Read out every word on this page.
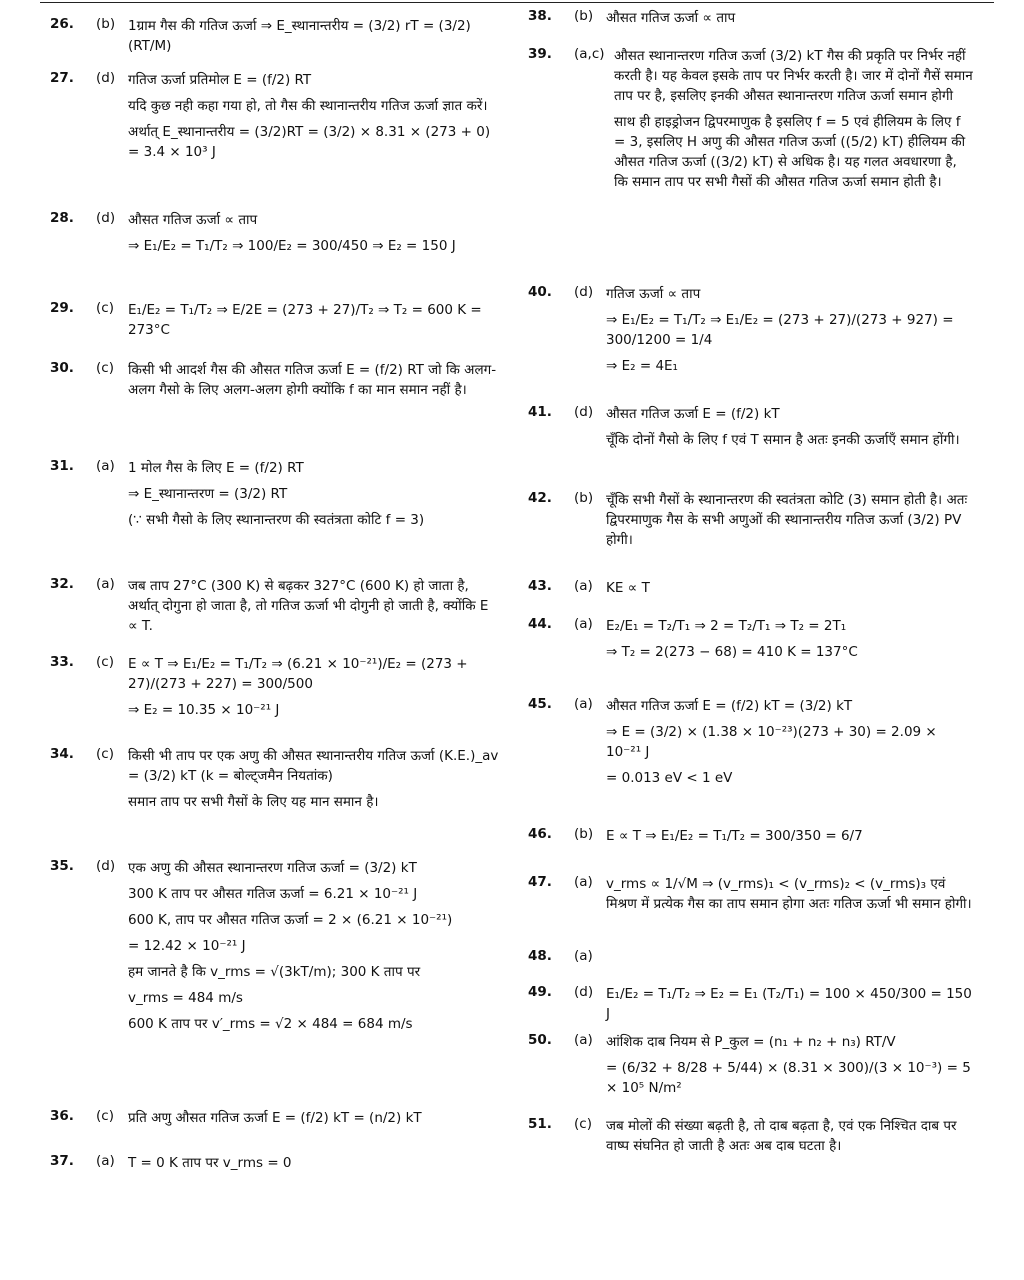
26.	(b) 1ग्राम गैस की गतिज ऊर्जा ⇒ E_स्थानान्तरीय = (3/2) rT = (3/2)(RT/M)

27.	(d) गतिज ऊर्जा प्रतिमोल E = (f/2) RT

यदि कुछ नही कहा गया हो, तो गैस की स्थानान्तरीय गतिज ऊर्जा ज्ञात करें।

अर्थात् E_स्थानान्तरीय = (3/2)RT = (3/2) × 8.31 × (273 + 0) = 3.4 × 10³ J

28.	(d) औसत गतिज ऊर्जा ∝ ताप

⇒ E₁/E₂ = T₁/T₂ ⇒ 100/E₂ = 300/450 ⇒ E₂ = 150 J

29.	(c)	E₁/E₂ = T₁/T₂ ⇒ E/2E = (273 + 27)/T₂ ⇒ T₂ = 600 K = 273°C

30.	(c)	किसी भी आदर्श गैस की औसत गतिज ऊर्जा E = (f/2) RT जो कि अलग-अलग गैसो के लिए अलग-अलग होगी क्योंकि f का मान समान नहीं है।

31.	(a) 1 मोल गैस के लिए E = (f/2) RT

⇒ E_स्थानान्तरण = (3/2) RT

(∵ सभी गैसो के लिए स्थानान्तरण की स्वतंत्रता कोटि f = 3)

32.	(a) जब ताप 27°C (300 K) से बढ़कर 327°C (600 K) हो जाता है, अर्थात् दोगुना हो जाता है, तो गतिज ऊर्जा भी दोगुनी हो जाती है, क्योंकि E ∝ T.

33.	(c)	E ∝ T ⇒ E₁/E₂ = T₁/T₂ ⇒ (6.21 × 10⁻²¹)/E₂ = (273 + 27)/(273 + 227) = 300/500

⇒ E₂ = 10.35 × 10⁻²¹ J

34.	(c)	किसी भी ताप पर एक अणु की औसत स्थानान्तरीय गतिज ऊर्जा (K.E.)_av = (3/2) kT (k = बोल्ट्जमैन नियतांक)

समान ताप पर सभी गैसों के लिए यह मान समान है।

35.	(d) एक अणु की औसत स्थानान्तरण गतिज ऊर्जा = (3/2) kT

300 K ताप पर औसत गतिज ऊर्जा = 6.21 × 10⁻²¹ J

600 K, ताप पर औसत गतिज ऊर्जा = 2 × (6.21 × 10⁻²¹)

= 12.42 × 10⁻²¹ J

हम जानते है कि v_rms = √(3kT/m); 300 K ताप पर

v_rms = 484 m/s

600 K ताप पर v′_rms = √2 × 484 = 684 m/s

36.	(c)	प्रति अणु औसत गतिज ऊर्जा E = (f/2) kT = (n/2) kT

37.	(a) T = 0 K ताप पर v_rms = 0

38.	(b) औसत गतिज ऊर्जा ∝ ताप

39.	(a,c) औसत स्थानान्तरण गतिज ऊर्जा (3/2) kT गैस की प्रकृति पर निर्भर नहीं करती है। यह केवल इसके ताप पर निर्भर करती है। जार में दोनों गैसें समान ताप पर है, इसलिए इनकी औसत स्थानान्तरण गतिज ऊर्जा समान होगी

साथ ही हाइड्रोजन द्विपरमाणुक है इसलिए f = 5 एवं हीलियम के लिए f = 3, इसलिए H अणु की औसत गतिज ऊर्जा ((5/2) kT) हीलियम की औसत गतिज ऊर्जा ((3/2) kT) से अधिक है। यह गलत अवधारणा है, कि समान ताप पर सभी गैसों की औसत गतिज ऊर्जा समान होती है।

40.	(d) गतिज ऊर्जा ∝ ताप

⇒ E₁/E₂ = T₁/T₂ ⇒ E₁/E₂ = (273 + 27)/(273 + 927) = 300/1200 = 1/4

⇒ E₂ = 4E₁

41.	(d) औसत गतिज ऊर्जा E = (f/2) kT

चूँकि दोनों गैसो के लिए f एवं T समान है अतः इनकी ऊर्जाएँ समान होंगी।

42.	(b) चूँकि सभी गैसों के स्थानान्तरण की स्वतंत्रता कोटि (3) समान होती है। अतः द्विपरमाणुक गैस के सभी अणुओं की स्थानान्तरीय गतिज ऊर्जा (3/2) PV होगी।

43.	(a) KE ∝ T

44.	(a) E₂/E₁ = T₂/T₁ ⇒ 2 = T₂/T₁ ⇒ T₂ = 2T₁

⇒ T₂ = 2(273 − 68) = 410 K = 137°C

45.	(a) औसत गतिज ऊर्जा E = (f/2) kT = (3/2) kT

⇒ E = (3/2) × (1.38 × 10⁻²³)(273 + 30) = 2.09 × 10⁻²¹ J

= 0.013 eV < 1 eV

46.	(b) E ∝ T ⇒ E₁/E₂ = T₁/T₂ = 300/350 = 6/7

47.	(a) v_rms ∝ 1/√M ⇒ (v_rms)₁ < (v_rms)₂ < (v_rms)₃ एवं मिश्रण में प्रत्येक गैस का ताप समान होगा अतः गतिज ऊर्जा भी समान होगी।

48.	(a)
49.	(d) E₁/E₂ = T₁/T₂ ⇒ E₂ = E₁ (T₂/T₁) = 100 × 450/300 = 150 J

50.	(a) आंशिक दाब नियम से P_कुल = (n₁ + n₂ + n₃) RT/V

= (6/32 + 8/28 + 5/44) × (8.31 × 300)/(3 × 10⁻³) = 5 × 10⁵ N/m²

51.	(c)	जब मोलों की संख्या बढ़ती है, तो दाब बढ़ता है, एवं एक निश्चित दाब पर वाष्प संघनित हो जाती है अतः अब दाब घटता है।
